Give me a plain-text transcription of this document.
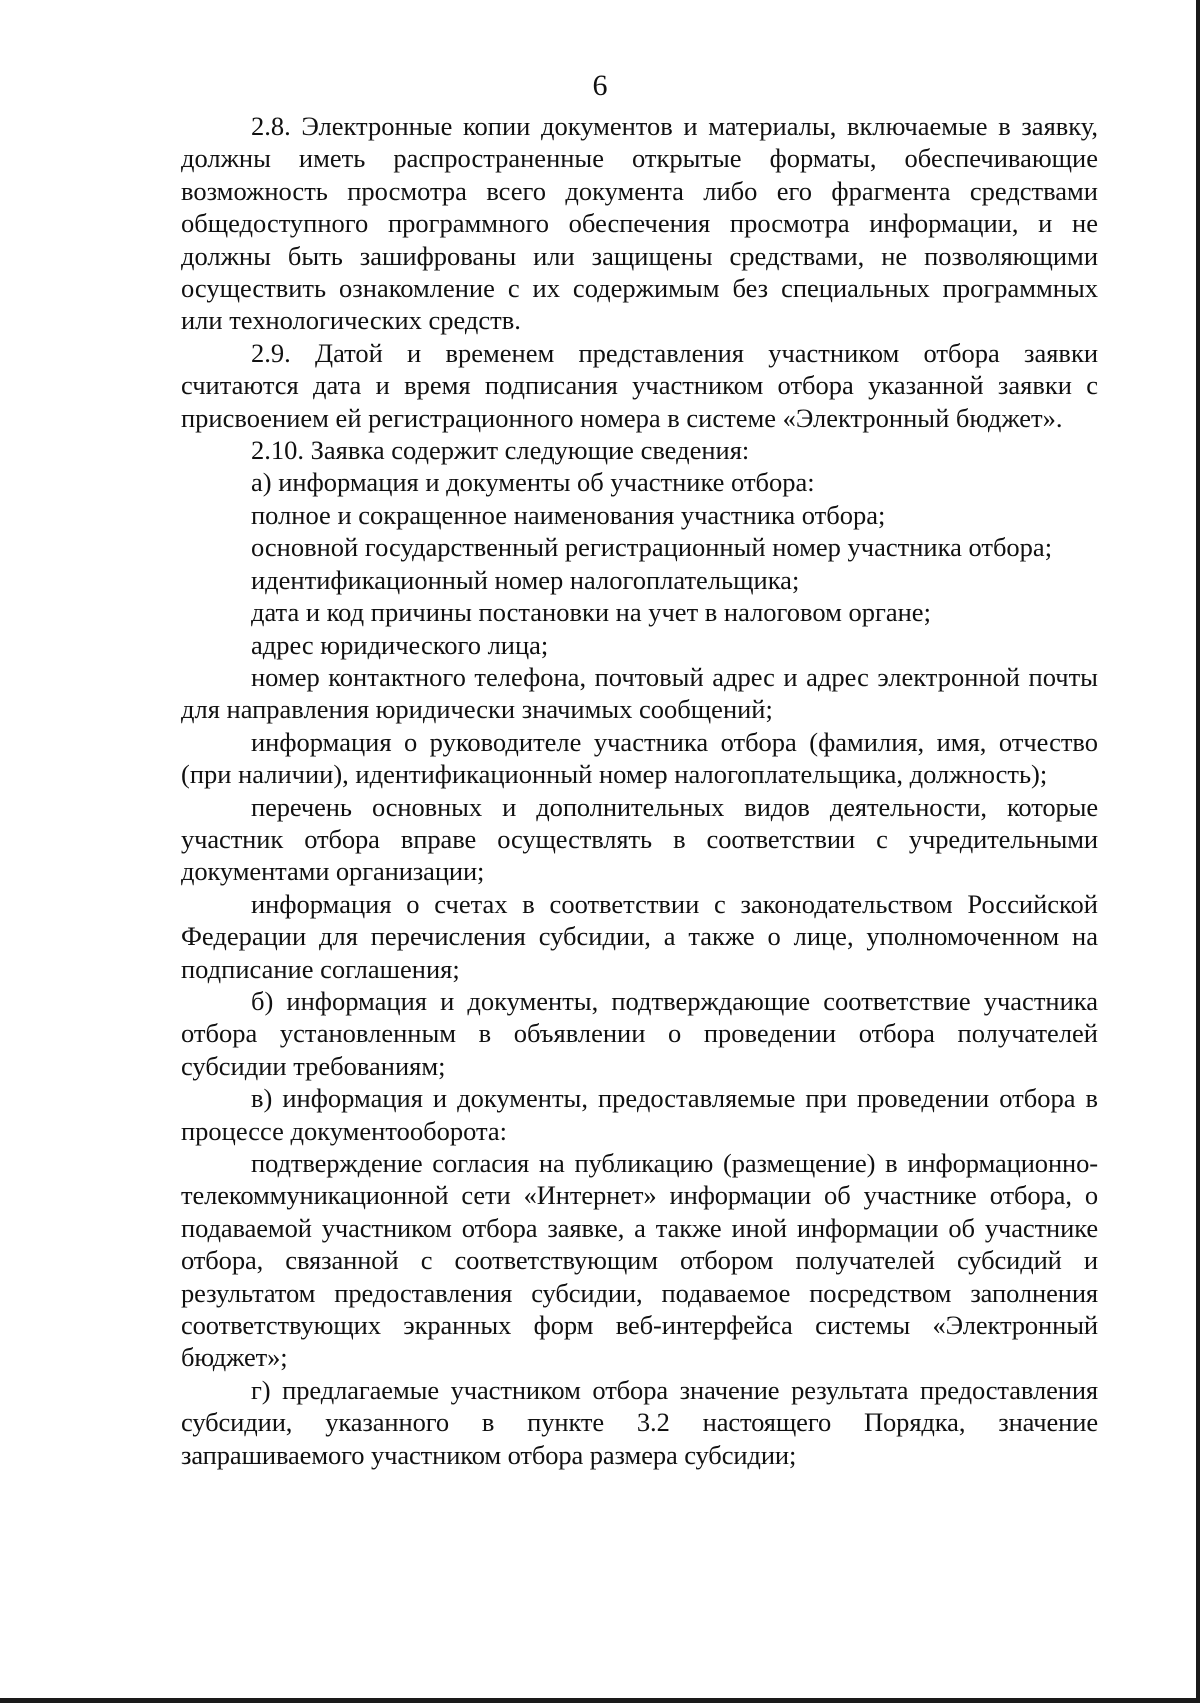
6

2.8. Электронные копии документов и материалы, включаемые в заявку, должны иметь распространенные открытые форматы, обеспечивающие возможность просмотра всего документа либо его фрагмента средствами общедоступного программного обеспечения просмотра информации, и не должны быть зашифрованы или защищены средствами, не позволяющими осуществить ознакомление с их содержимым без специальных программных или технологических средств.

2.9. Датой и временем представления участником отбора заявки считаются дата и время подписания участником отбора указанной заявки с присвоением ей регистрационного номера в системе «Электронный бюджет».

2.10. Заявка содержит следующие сведения:

а) информация и документы об участнике отбора:

полное и сокращенное наименования участника отбора;

основной государственный регистрационный номер участника отбора;

идентификационный номер налогоплательщика;

дата и код причины постановки на учет в налоговом органе;

адрес юридического лица;

номер контактного телефона, почтовый адрес и адрес электронной почты для направления юридически значимых сообщений;

информация о руководителе участника отбора (фамилия, имя, отчество (при наличии), идентификационный номер налогоплательщика, должность);

перечень основных и дополнительных видов деятельности, которые участник отбора вправе осуществлять в соответствии с учредительными документами организации;

информация о счетах в соответствии с законодательством Российской Федерации для перечисления субсидии, а также о лице, уполномоченном на подписание соглашения;

б) информация и документы, подтверждающие соответствие участника отбора установленным в объявлении о проведении отбора получателей субсидии требованиям;

в) информация и документы, предоставляемые при проведении отбора в процессе документооборота:

подтверждение согласия на публикацию (размещение) в информационно-телекоммуникационной сети «Интернет» информации об участнике отбора, о подаваемой участником отбора заявке, а также иной информации об участнике отбора, связанной с соответствующим отбором получателей субсидий и результатом предоставления субсидии, подаваемое посредством заполнения соответствующих экранных форм веб-интерфейса системы «Электронный бюджет»;

г) предлагаемые участником отбора значение результата предоставления субсидии, указанного в пункте 3.2 настоящего Порядка, значение запрашиваемого участником отбора размера субсидии;
